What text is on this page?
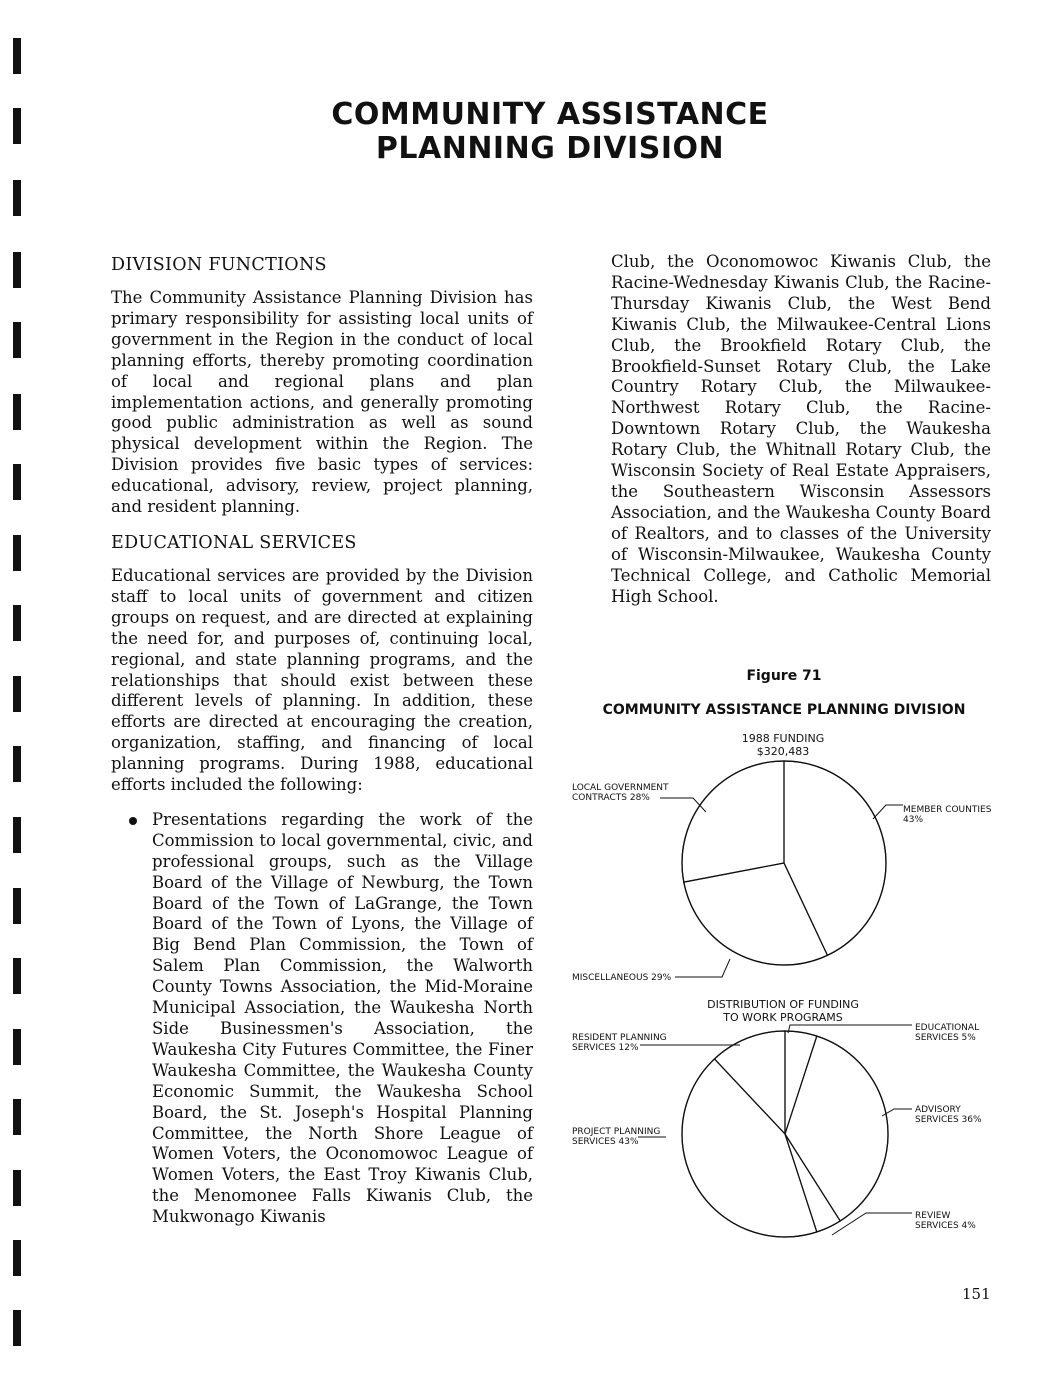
COMMUNITY ASSISTANCE
PLANNING DIVISION
DIVISION FUNCTIONS

The Community Assistance Planning Division has primary responsibility for assisting local units of government in the Region in the conduct of local planning efforts, thereby promoting coordination of local and regional plans and plan implementation actions, and generally promoting good public administration as well as sound physical development within the Region. The Division provides five basic types of services: educational, advisory, review, project planning, and resident planning.

EDUCATIONAL SERVICES

Educational services are provided by the Division staff to local units of government and citizen groups on request, and are directed at explaining the need for, and purposes of, continuing local, regional, and state planning programs, and the relationships that should exist between these different levels of planning. In addition, these efforts are directed at encouraging the creation, organization, staffing, and financing of local planning programs. During 1988, educational efforts included the following:

Presentations regarding the work of the Commission to local governmental, civic, and professional groups, such as the Village Board of the Village of Newburg, the Town Board of the Town of LaGrange, the Town Board of the Town of Lyons, the Village of Big Bend Plan Commission, the Town of Salem Plan Commission, the Walworth County Towns Association, the Mid-Moraine Municipal Association, the Waukesha North Side Businessmen's Association, the Waukesha City Futures Committee, the Finer Waukesha Committee, the Waukesha County Economic Summit, the Waukesha School Board, the St. Joseph's Hospital Planning Committee, the North Shore League of Women Voters, the Oconomowoc League of Women Voters, the East Troy Kiwanis Club, the Menomonee Falls Kiwanis Club, the Mukwonago Kiwanis

Club, the Oconomowoc Kiwanis Club, the Racine-Wednesday Kiwanis Club, the Racine-Thursday Kiwanis Club, the West Bend Kiwanis Club, the Milwaukee-Central Lions Club, the Brookfield Rotary Club, the Brookfield-Sunset Rotary Club, the Lake Country Rotary Club, the Milwaukee-Northwest Rotary Club, the Racine-Downtown Rotary Club, the Waukesha Rotary Club, the Whitnall Rotary Club, the Wisconsin Society of Real Estate Appraisers, the Southeastern Wisconsin Assessors Association, and the Waukesha County Board of Realtors, and to classes of the University of Wisconsin-Milwaukee, Waukesha County Technical College, and Catholic Memorial High School.

Figure 71

COMMUNITY ASSISTANCE PLANNING DIVISION

1988 FUNDING
$320,483
LOCAL GOVERNMENT
CONTRACTS 28%
MEMBER COUNTIES
43%
MISCELLANEOUS 29%
DISTRIBUTION OF FUNDING
TO WORK PROGRAMS
EDUCATIONAL
SERVICES 5%
ADVISORY
SERVICES 36%
REVIEW
SERVICES 4%
PROJECT PLANNING
SERVICES 43%
RESIDENT PLANNING
SERVICES 12%

151
